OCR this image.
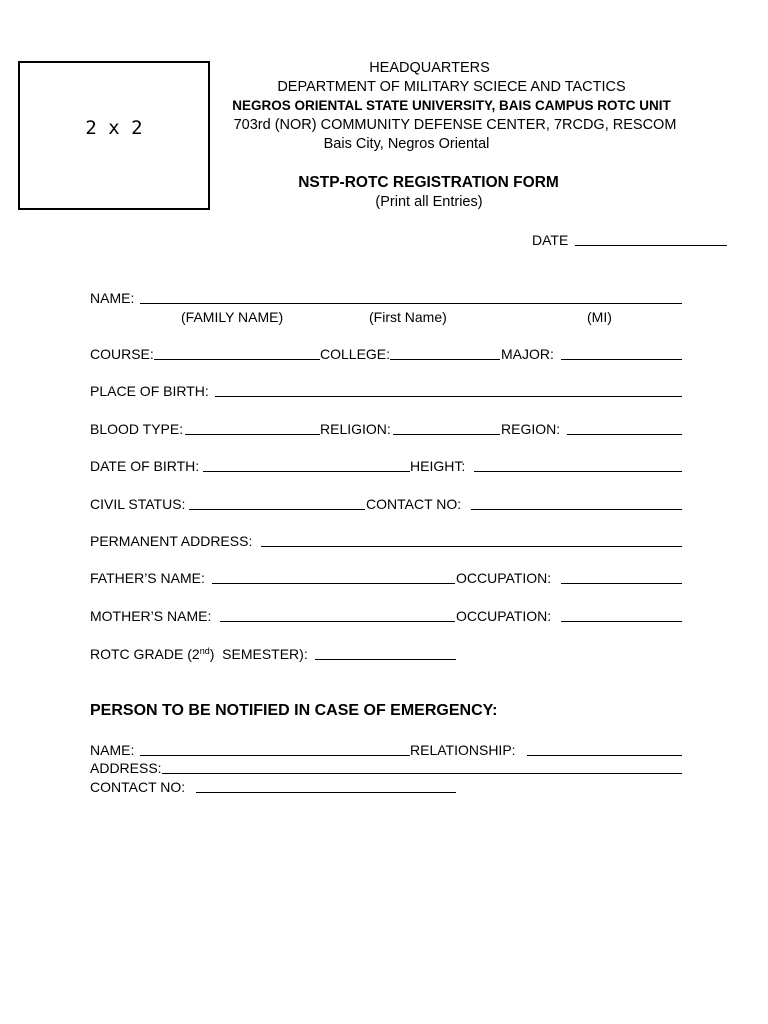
2 x 2
HEADQUARTERS
DEPARTMENT OF MILITARY SCIECE AND TACTICS
NEGROS ORIENTAL STATE UNIVERSITY, BAIS CAMPUS ROTC UNIT
703rd (NOR) COMMUNITY DEFENSE CENTER, 7RCDG, RESCOM
Bais City, Negros Oriental
NSTP-ROTC REGISTRATION FORM
(Print all Entries)
DATE
NAME:
(FAMILY NAME)	(First Name)	(MI)
COURSE:	COLLEGE:	MAJOR:
PLACE OF BIRTH:
BLOOD TYPE:	RELIGION:	REGION:
DATE OF BIRTH:	HEIGHT:
CIVIL STATUS:	CONTACT NO:
PERMANENT ADDRESS:
FATHER’S NAME:	OCCUPATION:
MOTHER’S NAME:	OCCUPATION:
ROTC GRADE (2nd)  SEMESTER):
PERSON TO BE NOTIFIED IN CASE OF EMERGENCY:
NAME:	RELATIONSHIP:
ADDRESS:
CONTACT NO:
